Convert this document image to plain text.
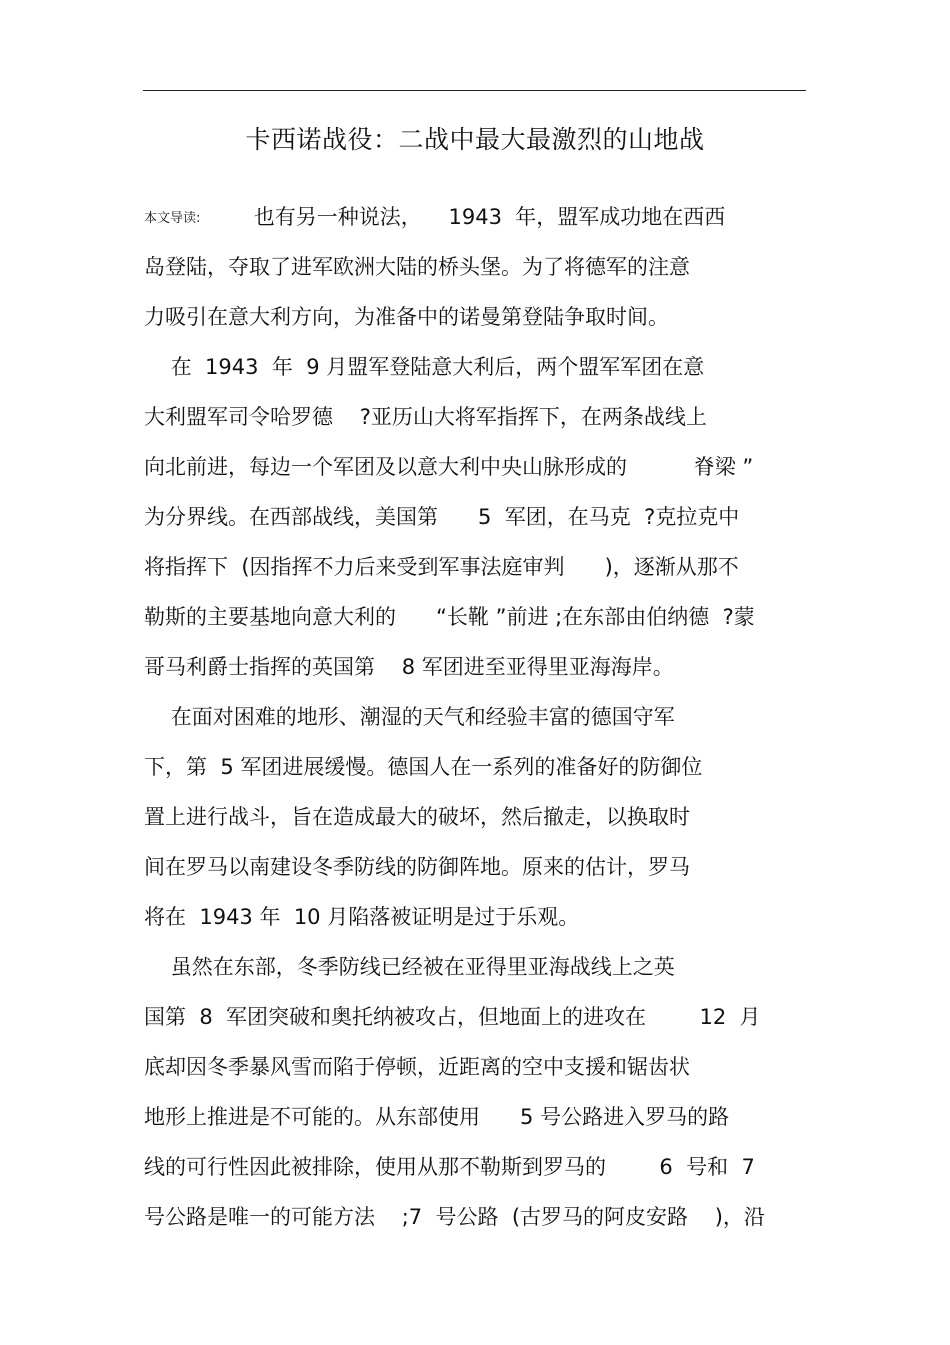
卡西诺战役：二战中最大最激烈的山地战
本文导读:        也有另一种说法，    1943  年，盟军成功地在西西
岛登陆，夺取了进军欧洲大陆的桥头堡。为了将德军的注意
力吸引在意大利方向，为准备中的诺曼第登陆争取时间。
在  1943  年  9 月盟军登陆意大利后，两个盟军军团在意
大利盟军司令哈罗德    ?亚历山大将军指挥下，在两条战线上
向北前进，每边一个军团及以意大利中央山脉形成的          脊梁 ”
为分界线。在西部战线，美国第      5  军团，在马克  ?克拉克中
将指挥下  (因指挥不力后来受到军事法庭审判      )，逐渐从那不
勒斯的主要基地向意大利的      “长靴 ”前进 ;在东部由伯纳德  ?蒙
哥马利爵士指挥的英国第    8 军团进至亚得里亚海海岸。
在面对困难的地形、潮湿的天气和经验丰富的德国守军
下，第  5 军团进展缓慢。德国人在一系列的准备好的防御位
置上进行战斗，旨在造成最大的破坏，然后撤走，以换取时
间在罗马以南建设冬季防线的防御阵地。原来的估计，罗马
将在  1943 年  10 月陷落被证明是过于乐观。
虽然在东部，冬季防线已经被在亚得里亚海战线上之英
国第  8  军团突破和奥托纳被攻占，但地面上的进攻在        12  月
底却因冬季暴风雪而陷于停顿，近距离的空中支援和锯齿状
地形上推进是不可能的。从东部使用      5 号公路进入罗马的路
线的可行性因此被排除，使用从那不勒斯到罗马的        6  号和  7
号公路是唯一的可能方法    ;7  号公路  (古罗马的阿皮安路    )，沿
